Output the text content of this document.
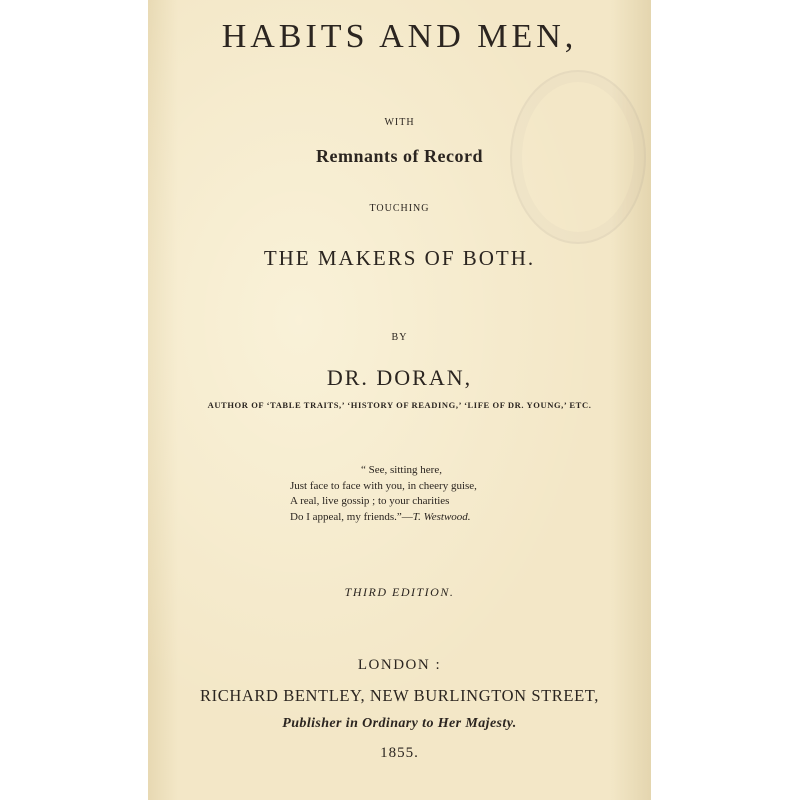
HABITS AND MEN,
WITH
Remnants of Record
TOUCHING
THE MAKERS OF BOTH.
BY
DR. DORAN,
AUTHOR OF ‘TABLE TRAITS,’ ‘HISTORY OF READING,’ ‘LIFE OF DR. YOUNG,’ ETC.
“ See, sitting here,
Just face to face with you, in cheery guise,
A real, live gossip ; to your charities
Do I appeal, my friends.”—T. Westwood.
THIRD EDITION.
LONDON :
RICHARD BENTLEY, NEW BURLINGTON STREET,
Publisher in Ordinary to Her Majesty.
1855.
